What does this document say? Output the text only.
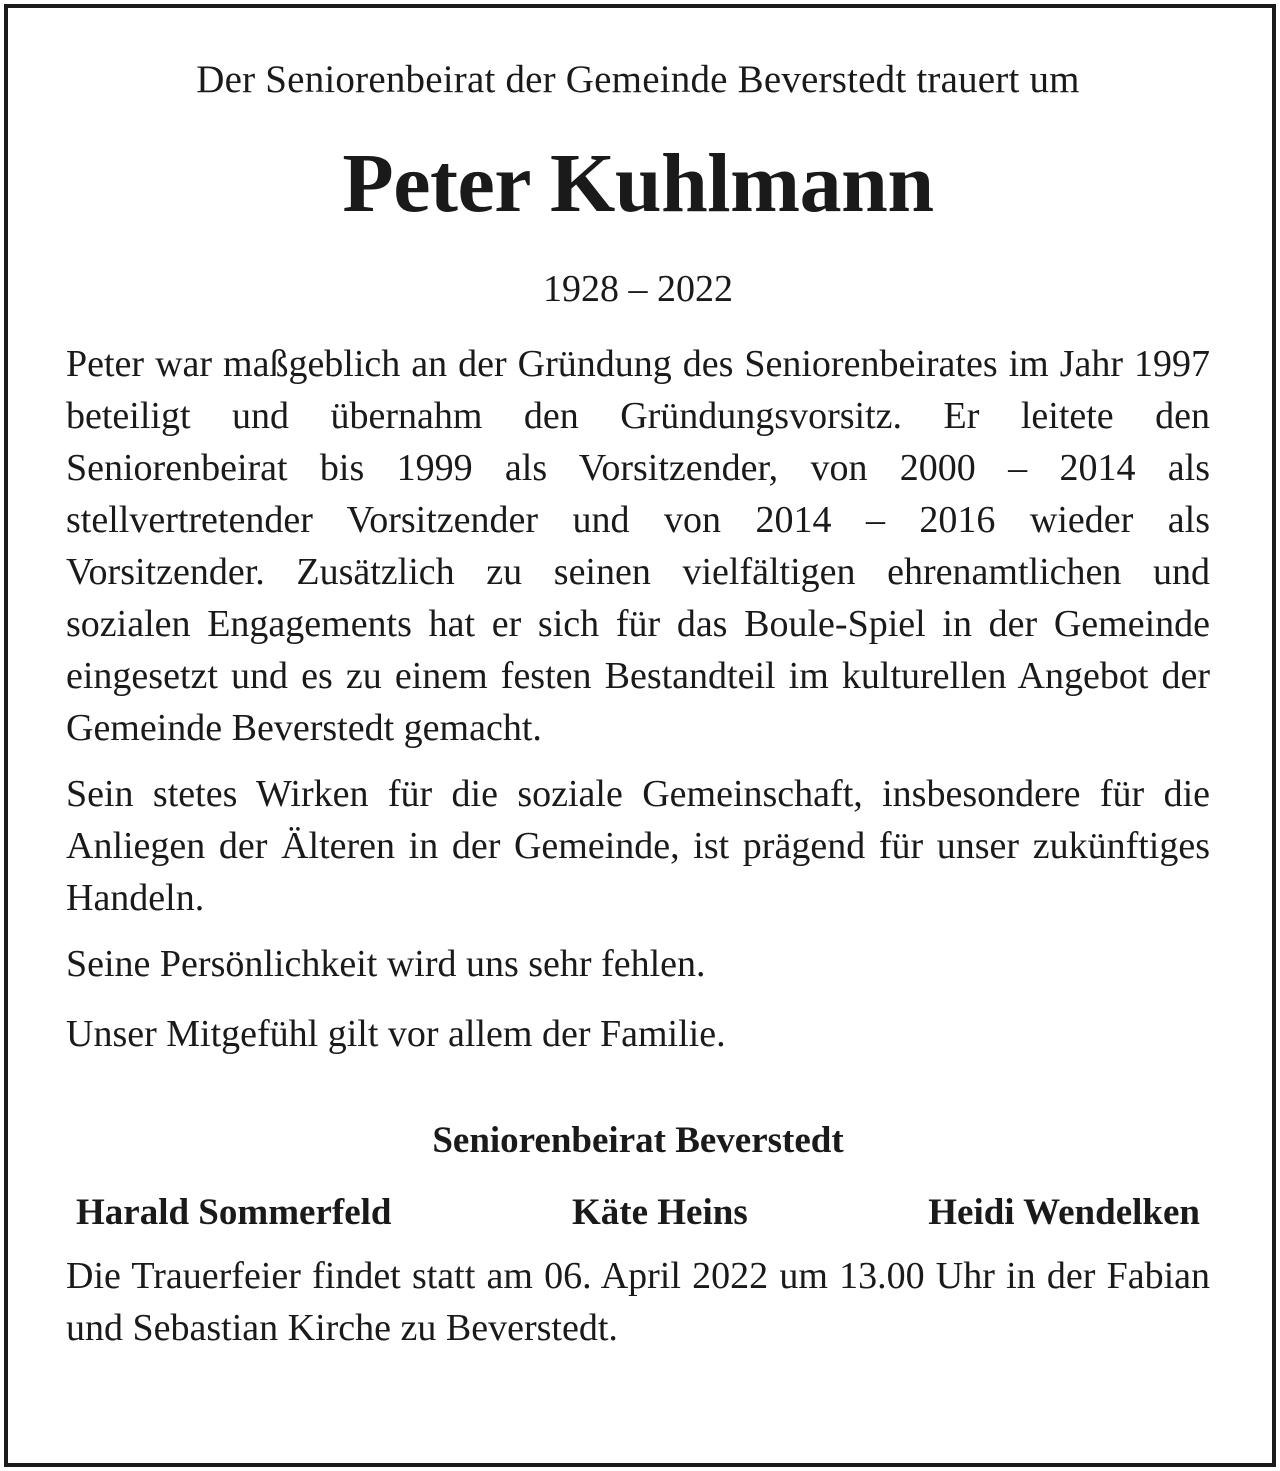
Der Seniorenbeirat der Gemeinde Beverstedt trauert um

Peter Kuhlmann

1928 – 2022

Peter war maßgeblich an der Gründung des Seniorenbeirates im Jahr 1997 beteiligt und übernahm den Gründungsvorsitz. Er leitete den Seniorenbeirat bis 1999 als Vorsitzender, von 2000 – 2014 als stellvertretender Vorsitzender und von 2014 – 2016 wieder als Vorsitzender. Zusätzlich zu seinen vielfältigen ehrenamtlichen und sozialen Engagements hat er sich für das Boule-Spiel in der Gemeinde eingesetzt und es zu einem festen Bestandteil im kulturellen Angebot der Gemeinde Beverstedt gemacht.

Sein stetes Wirken für die soziale Gemeinschaft, insbesondere für die Anliegen der Älteren in der Gemeinde, ist prägend für unser zukünftiges Handeln.

Seine Persönlichkeit wird uns sehr fehlen.

Unser Mitgefühl gilt vor allem der Familie.

Seniorenbeirat Beverstedt

Harald Sommerfeld	Käte Heins	Heidi Wendelken

Die Trauerfeier findet statt am 06. April 2022 um 13.00 Uhr in der Fabian und Sebastian Kirche zu Beverstedt.
